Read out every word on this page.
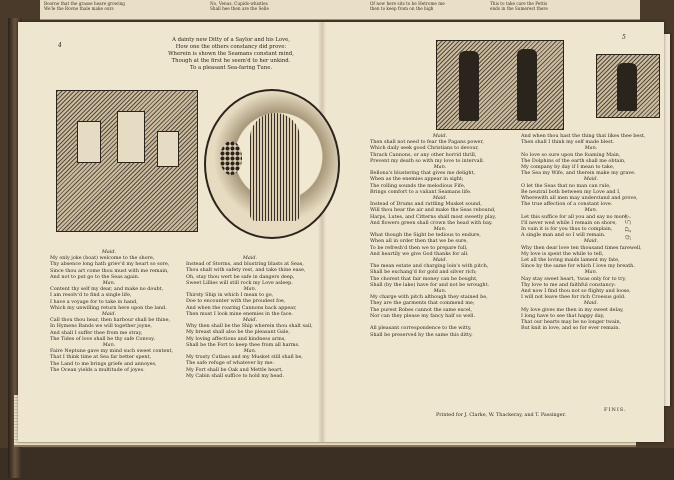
Boorne that the grasse heare growing
We'le the Rovne thale make ours
No, Venus, Cupids-whistles
Shall hee then are the Selle
Of now here sits to be Hetrome me
then to keep from on the high
This to take care the Pettis
ends in the Sumerest there
4
5
A dainty new Ditty of a Saylor and his Love,
How one the others constancy did prove:
Wherein is shown the Seamans constant mind,
Though at the first he seem'd to her unkind.
To a pleasant Sea-faring Tune.
Maid.
My only joke (boat) welcome to the shore,
Thy absence long hath griev'd my heart so sore,
Since thou art come thou must with me remain,
And not to put go to the Seas again.
Man.
Content thy self my dear, and make no doubt,
I am resolv'd to find a single life,
I have a voyage for to take in hand,
Which my unwilling return here upon the land.
Maid.
Call thou thou hear, then harbour shall be thine,
In Hymens Bands we will together joyne,
And shall I suffer thee from me stray,
The Tides of love shall be thy safe Convoy.
Man.
Faire Neptune gave my mind such sweet content,
That I think time at Sea far better spent,
The Land to me brings griefe and annoyes,
The Ocean yields a multitude of joyes.
Maid.
Instead of Storms, and blustring blasts at Seas,
Thou shalt with safety rest, and take thine ease,
Oh, stay thou wert be safe in dangers deep,
Sweet Lillies will still rock my Love asleep.
Man.
Thirsty Ship in which I mean to go,
Doe to encounter with the proudest foe,
And when the roaring Cannons back appear,
Then must I look mine enemies in the face.
Maid.
Why then shall be the Ship wherein thou shalt sail,
My breast shall also be the pleasant Gale,
My loving affections and kindness arms,
Shall be the Fort to keep thee from all harms.
Man.
My trusty Cutlass and my Musket still shall be,
The safe refuge of whatever by me:
My Fort shall be Oak and Mettle heart,
My Cabin shall suffice to hold my head.
Maid.
Then shall not need to fear the Pagans power,
Which daily seek good Christians to devour,
Thrack Cannons, or any other horrid thrill,
Prevent my death so with my love to intervall.
Man.
Bellona's blustering that gives me delight,
When as the enemies appear in sight;
The rolling sounds the melodious Fife,
Brings comfort to a valiant Seamans life.
Maid.
Instead of Drums and rattling Musket sound,
Will thou hear the air and make the Seas rebound,
Harps, Lutes, and Citterns shall most sweetly play,
And flowers green shall crown the head with bay.
Man.
What though the Sight be tedious to endure,
When all in order then that we be sure,
To be refresh'd then we to prepare full,
And heartily we give God thanks for all.
Maid.
The mean estate and charging loin's with pitch,
Shall be exchang'd for gold and silver rich;
The chorest that fair money can be bought,
Shall (by the lake) have for and not be wrought.
Man.
My charge with pitch although they stained be,
They are the garments that commend me;
The purest Robes cannot the same excel,
Nor can they please my fancy half so well.

All pleasant correspondence to the witty,
Shall be preserved by the same this ditty.
And when thou hast the thing that likes thee best,
Then shall I think my self made blest.
Man.
No love so sure upon the foaming Main,
The Dolphins of the earth shall me obtain,
My company by day if I mean to take,
The Sea my Wife, and therein make my grave.
Maid.
O let the Seas that no man can rule,
Be neutral both between my Love and I,
Wherewith all men may understand and prove,
The true affection of a constant love.
Man.
Let this suffice for all you and say no more,
I'll never wed while I remain on shore,
In vain it is for you thus to complain,
A single man and so I will remain.
Maid.
Why then dear love ten thousand times farewell,
My love is spent the while to tell,
Let all the loving maids lament my fate,
Since by the same for which I love my breath.
Man.
Nay stay sweet heart, 'twas only for to try,
Thy love to me and faithful constancy:
And now I find thou not so flighty and loose,
I will not leave thee for rich Croesus gold.
Maid.
My love gives me then in my sweet delay,
I long have to see that happy day,
That our hearts may be no longer twain,
But knit in love, and so for ever remain.
FINIS.
Printed for J. Clarke, W. Thackeray, and T. Passinger.
9 P 57
